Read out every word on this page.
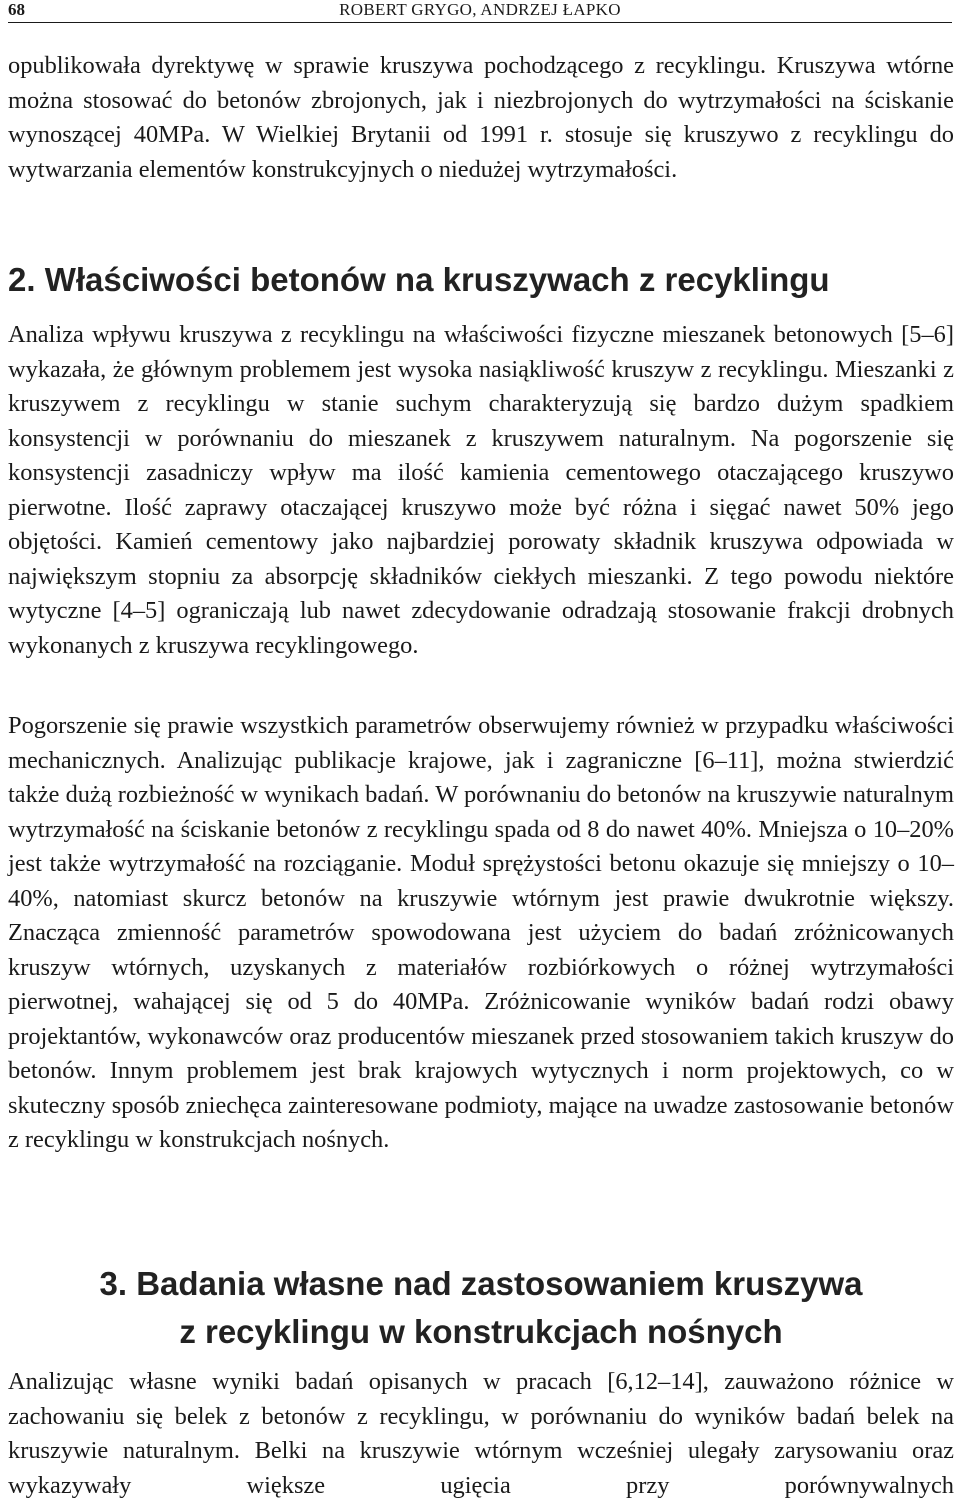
68	ROBERT GRYGO, ANDRZEJ ŁAPKO

opublikowała dyrektywę w sprawie kruszywa pochodzącego z recyklingu. Kruszywa wtórne można stosować do betonów zbrojonych, jak i niezbrojonych do wytrzymałości na ściskanie wynoszącej 40MPa. W Wielkiej Brytanii od 1991 r. stosuje się kruszywo z recyklingu do wytwarzania elementów konstrukcyjnych o niedużej wytrzymałości.

2. Właściwości betonów na kruszywach z recyklingu

Analiza wpływu kruszywa z recyklingu na właściwości fizyczne mieszanek betonowych [5–6] wykazała, że głównym problemem jest wysoka nasiąkliwość kruszyw z recyklingu. Mieszanki z kruszywem z recyklingu w stanie suchym charakteryzują się bardzo dużym spadkiem konsystencji w porównaniu do mieszanek z kruszywem naturalnym. Na pogorszenie się konsystencji zasadniczy wpływ ma ilość kamienia cementowego otaczającego kruszywo pierwotne. Ilość zaprawy otaczającej kruszywo może być różna i sięgać nawet 50% jego objętości. Kamień cementowy jako najbardziej porowaty składnik kruszywa odpowiada w największym stopniu za absorpcję składników ciekłych mieszanki. Z tego powodu niektóre wytyczne [4–5] ograniczają lub nawet zdecydowanie odradzają stosowanie frakcji drobnych wykonanych z kruszywa recyklingowego.

Pogorszenie się prawie wszystkich parametrów obserwujemy również w przypadku właściwości mechanicznych. Analizując publikacje krajowe, jak i zagraniczne [6–11], można stwierdzić także dużą rozbieżność w wynikach badań. W porównaniu do betonów na kruszywie naturalnym wytrzymałość na ściskanie betonów z recyklingu spada od 8 do nawet 40%. Mniejsza o 10–20% jest także wytrzymałość na rozciąganie. Moduł sprężystości betonu okazuje się mniejszy o 10–40%, natomiast skurcz betonów na kruszywie wtórnym jest prawie dwukrotnie większy. Znacząca zmienność parametrów spowodowana jest użyciem do badań zróżnicowanych kruszyw wtórnych, uzyskanych z materiałów rozbiórkowych o różnej wytrzymałości pierwotnej, wahającej się od 5 do 40MPa. Zróżnicowanie wyników badań rodzi obawy projektantów, wykonawców oraz producentów mieszanek przed stosowaniem takich kruszyw do betonów. Innym problemem jest brak krajowych wytycznych i norm projektowych, co w skuteczny sposób zniechęca zainteresowane podmioty, mające na uwadze zastosowanie betonów z recyklingu w konstrukcjach nośnych.

3. Badania własne nad zastosowaniem kruszywa
z recyklingu w konstrukcjach nośnych

Analizując własne wyniki badań opisanych w pracach [6,12–14], zauważono różnice w zachowaniu się belek z betonów z recyklingu, w porównaniu do wyników badań belek na kruszywie naturalnym. Belki na kruszywie wtórnym wcześniej ulegały zarysowaniu oraz wykazywały większe ugięcia przy porównywalnych
